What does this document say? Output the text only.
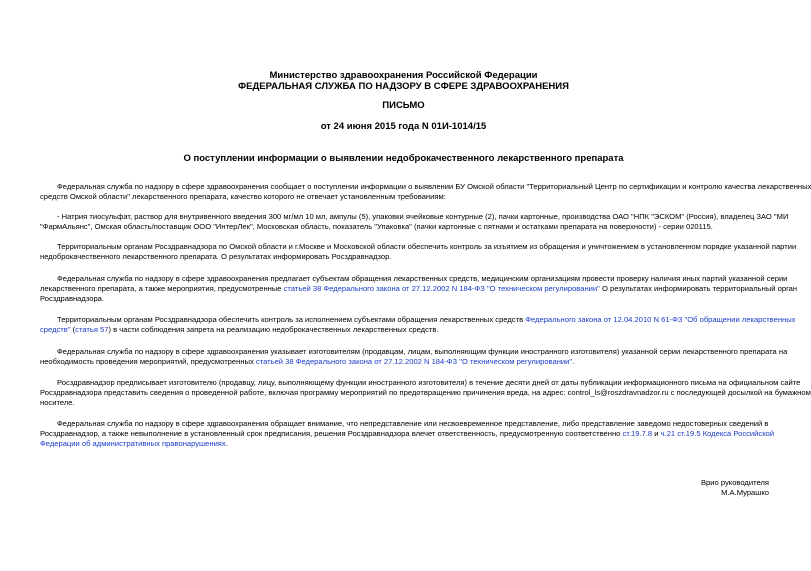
Министерство здравоохранения Российской Федерации
ФЕДЕРАЛЬНАЯ СЛУЖБА ПО НАДЗОРУ В СФЕРЕ ЗДРАВООХРАНЕНИЯ
ПИСЬМО
от 24 июня 2015 года N 01И-1014/15
О поступлении информации о выявлении недоброкачественного лекарственного препарата
Федеральная служба по надзору в сфере здравоохранения сообщает о поступлении информации о выявлении БУ Омской области "Территориальный Центр по сертификации и контролю качества лекарственных
средств Омской области" лекарственного препарата, качество которого не отвечает установленным требованиям:
- Натрия тиосульфат, раствор для внутривенного введения 300 мг/мл 10 мл, ампулы (5), упаковки ячейковые контурные (2), пачки картонные, производства ОАО "НПК "ЭСКОМ" (Россия), владелец ЗАО "МИ
"ФармАльянс", Омская область/поставщик ООО "ИнтерЛек", Московская область, показатель "Упаковка" (пачки картонные с пятнами и остатками препарата на поверхности) - серии 020115.
Территориальным органам Росздравнадзора по Омской области и г.Москве и Московской области обеспечить контроль за изъятием из обращения и уничтожением в установленном порядке указанной партии
недоброкачественного лекарственного препарата. О результатах информировать Росздравнадзор.
Федеральная служба по надзору в сфере здравоохранения предлагает субъектам обращения лекарственных средств, медицинским организациям провести проверку наличия иных партий указанной серии
лекарственного препарата, а также мероприятия, предусмотренные статьей 38 Федерального закона от 27.12.2002 N 184-ФЗ "О техническом регулировании" О результатах информировать территориальный орган
Росздравнадзора.
Территориальным органам Росздравнадзора обеспечить контроль за исполнением субъектами обращения лекарственных средств Федерального закона от 12.04.2010 N 61-ФЗ "Об обращении лекарственных
средств" (статья 57) в части соблюдения запрета на реализацию недоброкачественных лекарственных средств.
Федеральная служба по надзору в сфере здравоохранения указывает изготовителям (продавцам, лицам, выполняющим функции иностранного изготовителя) указанной серии лекарственного препарата на
необходимость проведения мероприятий, предусмотренных статьей 38 Федерального закона от 27.12.2002 N 184-ФЗ "О техническом регулировании".
Росздравнадзор предписывает изготовителю (продавцу, лицу, выполняющему функции иностранного изготовителя) в течение десяти дней от даты публикации информационного письма на официальном сайте
Росздравнадзора представить сведения о проведенной работе, включая программу мероприятий по предотвращению причинения вреда, на адрес: control_ls@roszdravnadzor.ru с последующей досылкой на бумажном
носителе.
Федеральная служба по надзору в сфере здравоохранения обращает внимание, что непредставление или несвоевременное представление, либо представление заведомо недостоверных сведений в
Росздравнадзор, а также невыполнение в установленный срок предписания, решения Росздравнадзора влечет ответственность, предусмотренную соответственно ст.19.7.8 и ч.21 ст.19.5 Кодекса Российской
Федерации об административных правонарушениях.
Врио руководителя
М.А.Мурашко
